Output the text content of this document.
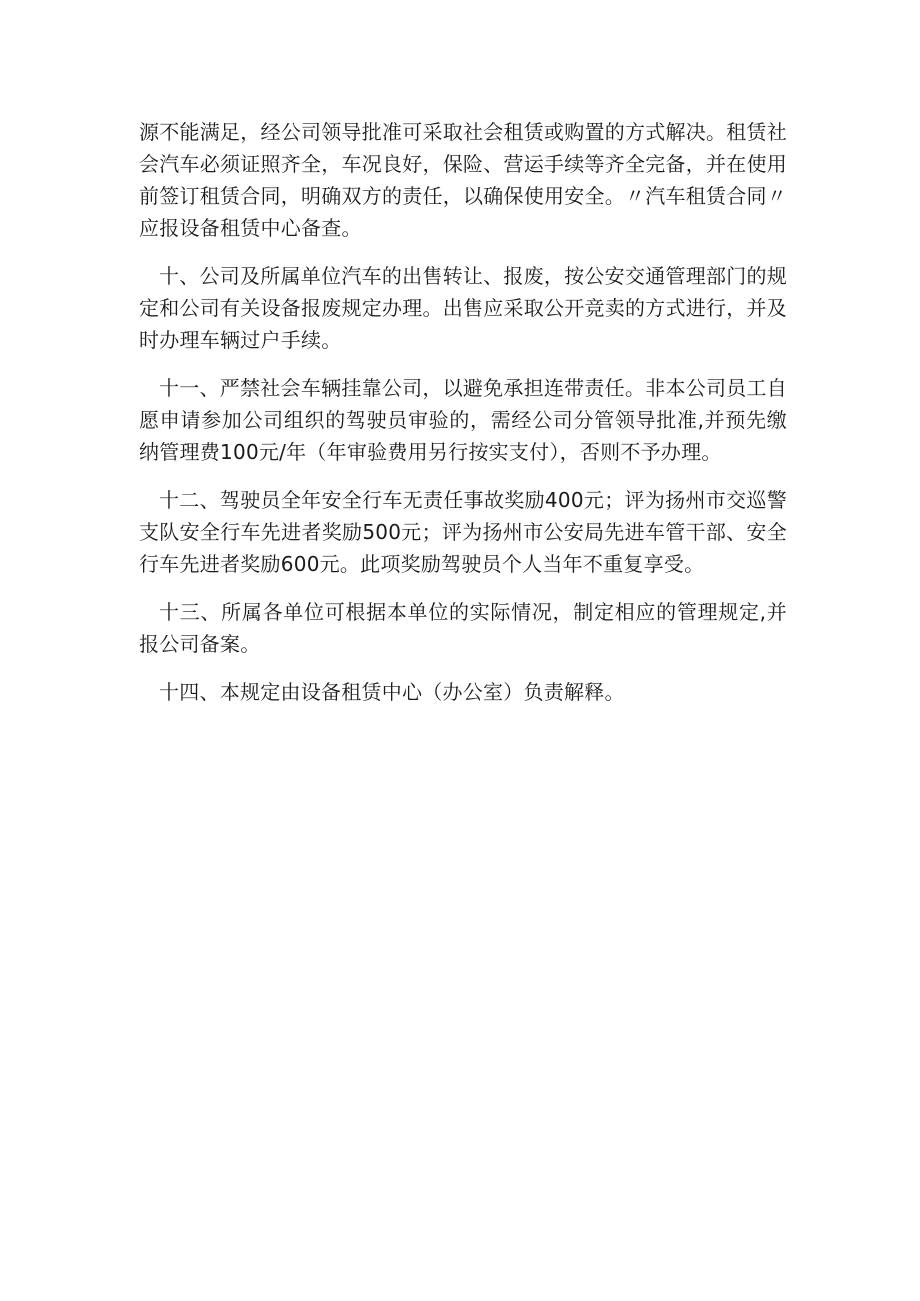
源不能满足，经公司领导批准可采取社会租赁或购置的方式解决。租赁社会汽车必须证照齐全，车况良好，保险、营运手续等齐全完备，并在使用前签订租赁合同，明确双方的责任，以确保使用安全。〃汽车租赁合同〃应报设备租赁中心备查。

十、公司及所属单位汽车的出售转让、报废，按公安交通管理部门的规定和公司有关设备报废规定办理。出售应采取公开竞卖的方式进行，并及时办理车辆过户手续。

十一、严禁社会车辆挂靠公司，以避免承担连带责任。非本公司员工自愿申请参加公司组织的驾驶员审验的，需经公司分管领导批准,并预先缴纳管理费100元/年（年审验费用另行按实支付），否则不予办理。

十二、驾驶员全年安全行车无责任事故奖励400元；评为扬州市交巡警支队安全行车先进者奖励500元；评为扬州市公安局先进车管干部、安全行车先进者奖励600元。此项奖励驾驶员个人当年不重复享受。

十三、所属各单位可根据本单位的实际情况，制定相应的管理规定,并报公司备案。

十四、本规定由设备租赁中心（办公室）负责解释。
